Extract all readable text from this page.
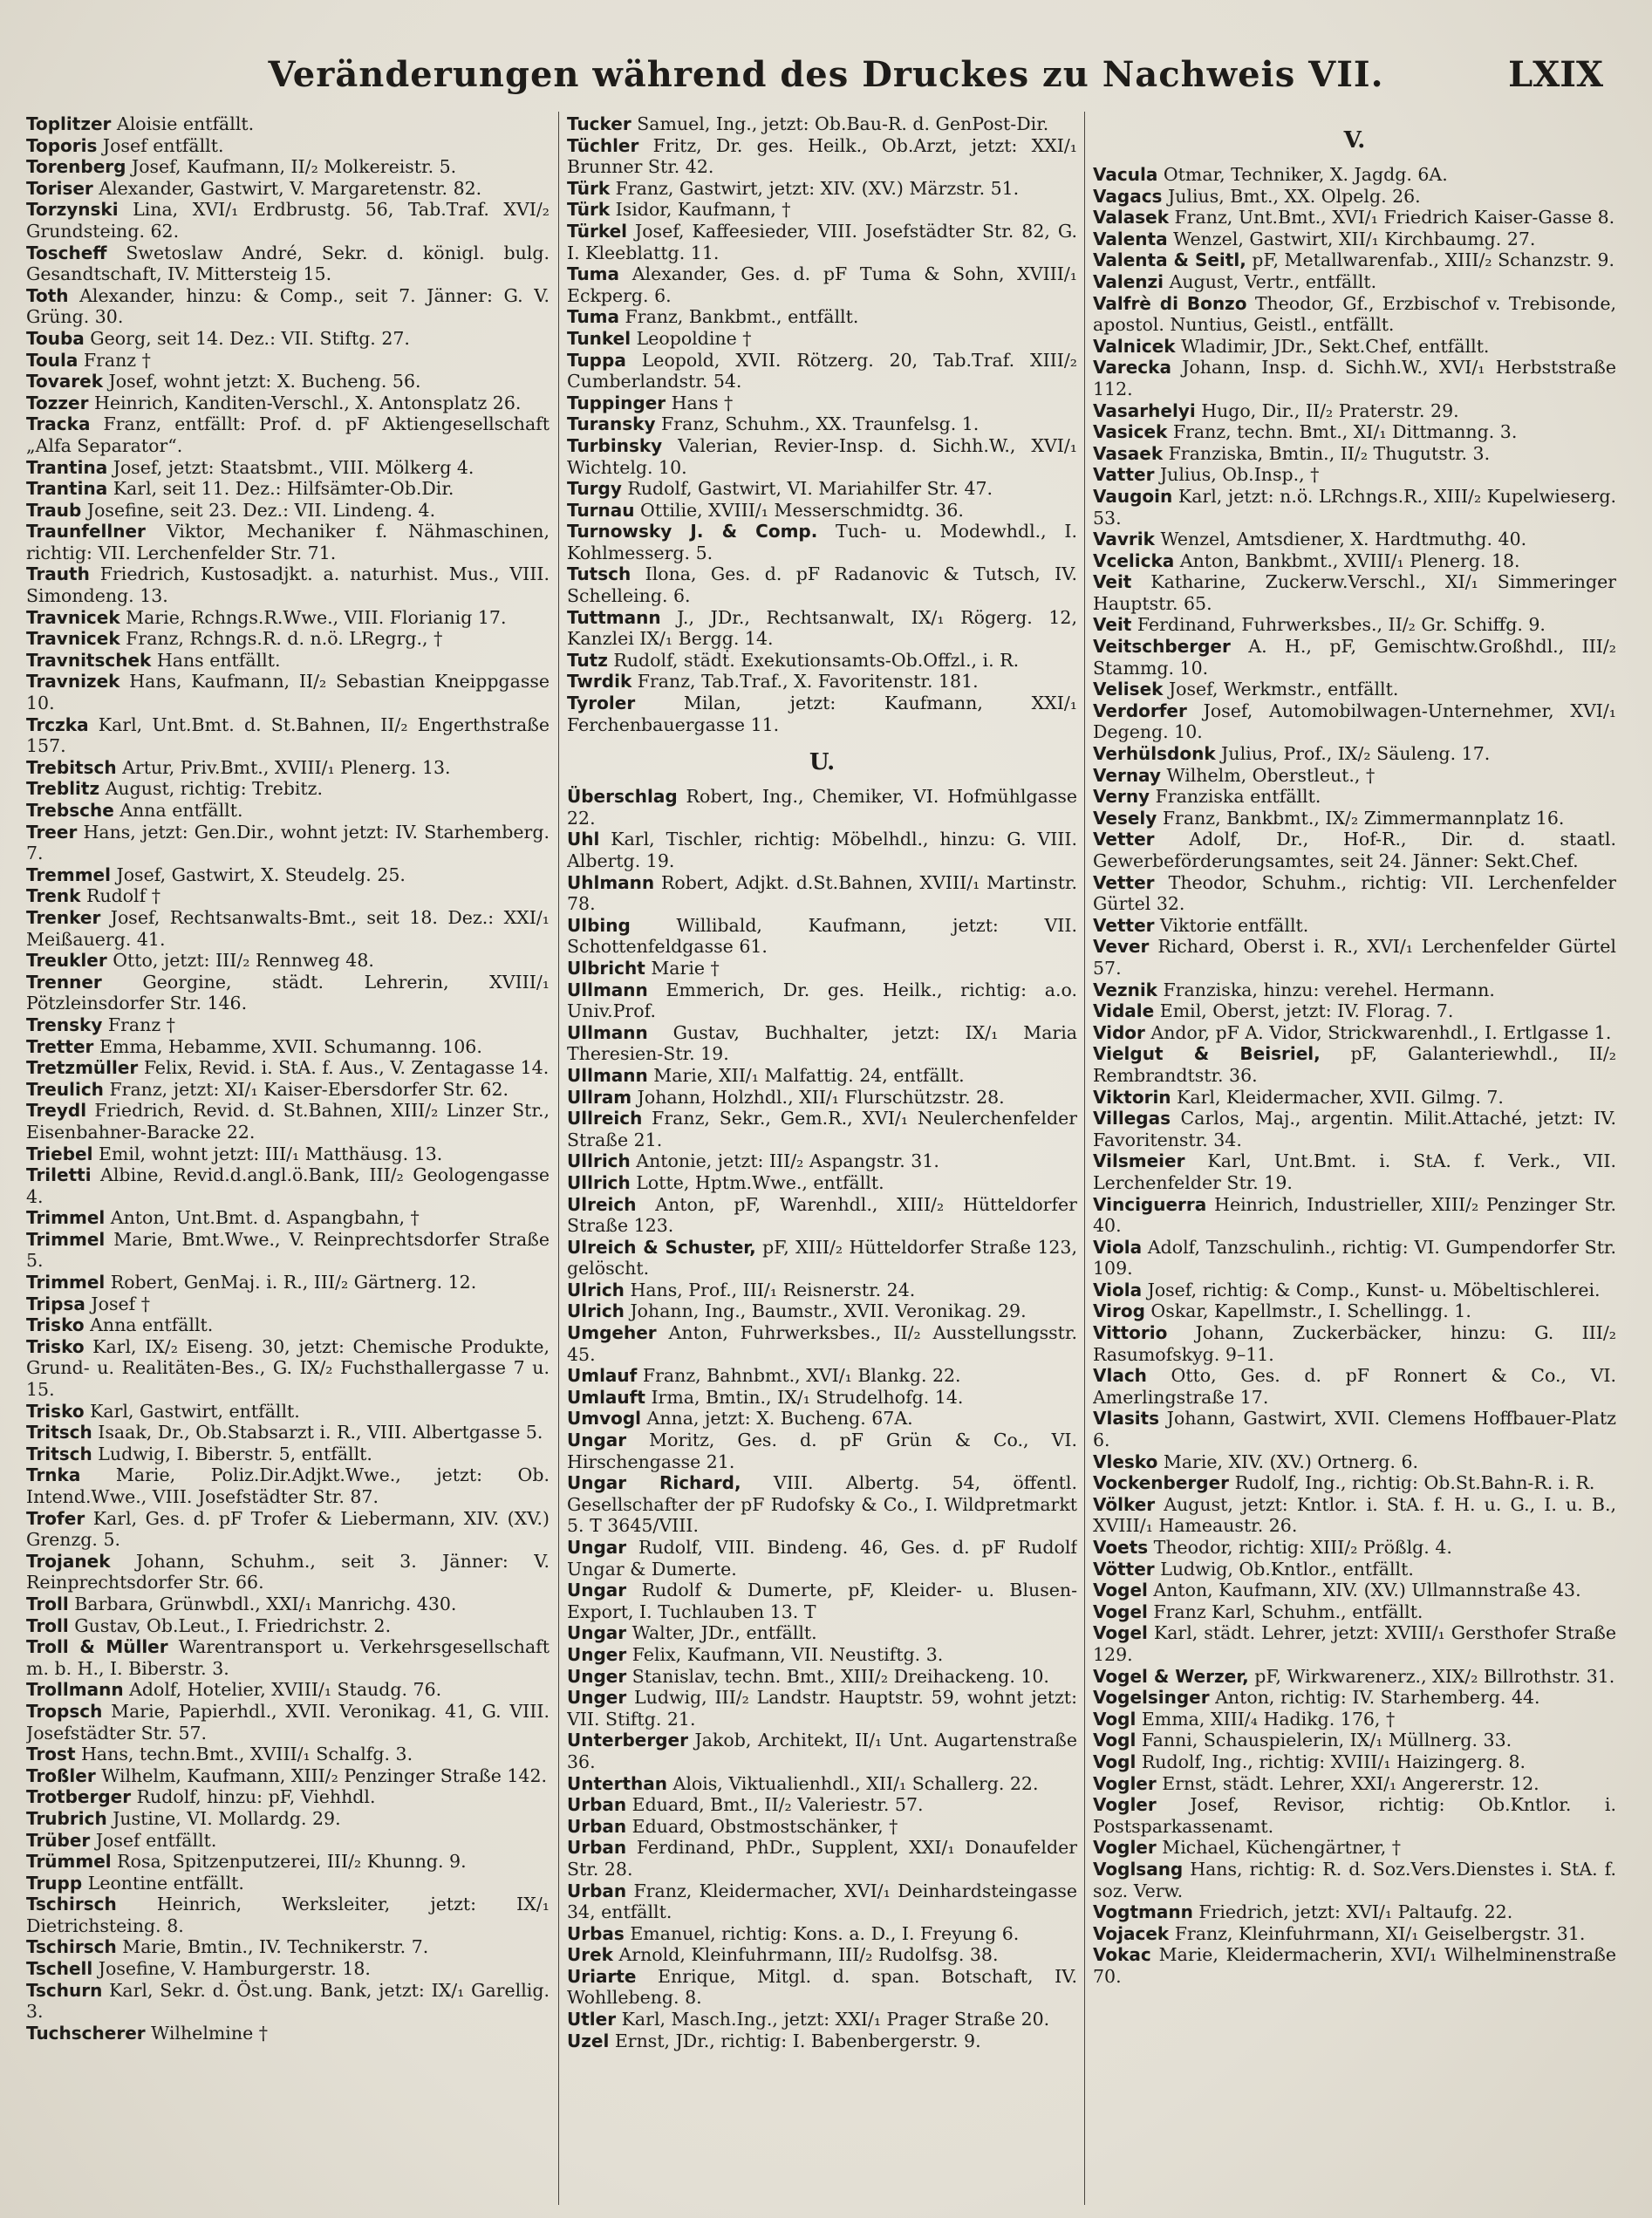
Veränderungen während des Druckes zu Nachweis VII.	LXIX

Toplitzer Aloisie entfällt.

Toporis Josef entfällt.

Torenberg Josef, Kaufmann, II/₂ Molkereistr. 5.

Toriser Alexander, Gastwirt, V. Margaretenstr. 82.

Torzynski Lina, XVI/₁ Erdbrustg. 56, Tab.Traf. XVI/₂ Grundsteing. 62.

Toscheff Swetoslaw André, Sekr. d. königl. bulg. Gesandtschaft, IV. Mittersteig 15.

Toth Alexander, hinzu: & Comp., seit 7. Jänner: G. V. Grüng. 30.

Touba Georg, seit 14. Dez.: VII. Stiftg. 27.

Toula Franz †

Tovarek Josef, wohnt jetzt: X. Bucheng. 56.

Tozzer Heinrich, Kanditen-Verschl., X. Antonsplatz 26.

Tracka Franz, entfällt: Prof. d. pF Aktiengesellschaft „Alfa Separator“.

Trantina Josef, jetzt: Staatsbmt., VIII. Mölkerg 4.

Trantina Karl, seit 11. Dez.: Hilfsämter-Ob.Dir.

Traub Josefine, seit 23. Dez.: VII. Lindeng. 4.

Traunfellner Viktor, Mechaniker f. Nähmaschinen, richtig: VII. Lerchenfelder Str. 71.

Trauth Friedrich, Kustosadjkt. a. naturhist. Mus., VIII. Simondeng. 13.

Travnicek Marie, Rchngs.R.Wwe., VIII. Florianig 17.

Travnicek Franz, Rchngs.R. d. n.ö. LRegrg., †

Travnitschek Hans entfällt.

Travnizek Hans, Kaufmann, II/₂ Sebastian Kneippgasse 10.

Trczka Karl, Unt.Bmt. d. St.Bahnen, II/₂ Engerthstraße 157.

Trebitsch Artur, Priv.Bmt., XVIII/₁ Plenerg. 13.

Treblitz August, richtig: Trebitz.

Trebsche Anna entfällt.

Treer Hans, jetzt: Gen.Dir., wohnt jetzt: IV. Starhemberg. 7.

Tremmel Josef, Gastwirt, X. Steudelg. 25.

Trenk Rudolf †

Trenker Josef, Rechtsanwalts-Bmt., seit 18. Dez.: XXI/₁ Meißauerg. 41.

Treukler Otto, jetzt: III/₂ Rennweg 48.

Trenner Georgine, städt. Lehrerin, XVIII/₁ Pötzleinsdorfer Str. 146.

Trensky Franz †

Tretter Emma, Hebamme, XVII. Schumanng. 106.

Tretzmüller Felix, Revid. i. StA. f. Aus., V. Zentagasse 14.

Treulich Franz, jetzt: XI/₁ Kaiser-Ebersdorfer Str. 62.

Treydl Friedrich, Revid. d. St.Bahnen, XIII/₂ Linzer Str., Eisenbahner-Baracke 22.

Triebel Emil, wohnt jetzt: III/₁ Matthäusg. 13.

Triletti Albine, Revid.d.angl.ö.Bank, III/₂ Geologengasse 4.

Trimmel Anton, Unt.Bmt. d. Aspangbahn, †

Trimmel Marie, Bmt.Wwe., V. Reinprechtsdorfer Straße 5.

Trimmel Robert, GenMaj. i. R., III/₂ Gärtnerg. 12.

Tripsa Josef †

Trisko Anna entfällt.

Trisko Karl, IX/₂ Eiseng. 30, jetzt: Chemische Produkte, Grund- u. Realitäten-Bes., G. IX/₂ Fuchsthallergasse 7 u. 15.

Trisko Karl, Gastwirt, entfällt.

Tritsch Isaak, Dr., Ob.Stabsarzt i. R., VIII. Albertgasse 5.

Tritsch Ludwig, I. Biberstr. 5, entfällt.

Trnka Marie, Poliz.Dir.Adjkt.Wwe., jetzt: Ob. Intend.Wwe., VIII. Josefstädter Str. 87.

Trofer Karl, Ges. d. pF Trofer & Liebermann, XIV. (XV.) Grenzg. 5.

Trojanek Johann, Schuhm., seit 3. Jänner: V. Reinprechtsdorfer Str. 66.

Troll Barbara, Grünwbdl., XXI/₁ Manrichg. 430.

Troll Gustav, Ob.Leut., I. Friedrichstr. 2.

Troll & Müller Warentransport u. Verkehrsgesellschaft m. b. H., I. Biberstr. 3.

Trollmann Adolf, Hotelier, XVIII/₁ Staudg. 76.

Tropsch Marie, Papierhdl., XVII. Veronikag. 41, G. VIII. Josefstädter Str. 57.

Trost Hans, techn.Bmt., XVIII/₁ Schalfg. 3.

Troßler Wilhelm, Kaufmann, XIII/₂ Penzinger Straße 142.

Trotberger Rudolf, hinzu: pF, Viehhdl.

Trubrich Justine, VI. Mollardg. 29.

Trüber Josef entfällt.

Trümmel Rosa, Spitzenputzerei, III/₂ Khunng. 9.

Trupp Leontine entfällt.

Tschirsch Heinrich, Werksleiter, jetzt: IX/₁ Dietrichsteing. 8.

Tschirsch Marie, Bmtin., IV. Technikerstr. 7.

Tschell Josefine, V. Hamburgerstr. 18.

Tschurn Karl, Sekr. d. Öst.ung. Bank, jetzt: IX/₁ Garellig. 3.

Tuchscherer Wilhelmine †

Tucker Samuel, Ing., jetzt: Ob.Bau-R. d. GenPost-Dir.

Tüchler Fritz, Dr. ges. Heilk., Ob.Arzt, jetzt: XXI/₁ Brunner Str. 42.

Türk Franz, Gastwirt, jetzt: XIV. (XV.) Märzstr. 51.

Türk Isidor, Kaufmann, †

Türkel Josef, Kaffeesieder, VIII. Josefstädter Str. 82, G. I. Kleeblattg. 11.

Tuma Alexander, Ges. d. pF Tuma & Sohn, XVIII/₁ Eckperg. 6.

Tuma Franz, Bankbmt., entfällt.

Tunkel Leopoldine †

Tuppa Leopold, XVII. Rötzerg. 20, Tab.Traf. XIII/₂ Cumberlandstr. 54.

Tuppinger Hans †

Turansky Franz, Schuhm., XX. Traunfelsg. 1.

Turbinsky Valerian, Revier-Insp. d. Sichh.W., XVI/₁ Wichtelg. 10.

Turgy Rudolf, Gastwirt, VI. Mariahilfer Str. 47.

Turnau Ottilie, XVIII/₁ Messerschmidtg. 36.

Turnowsky J. & Comp. Tuch- u. Modewhdl., I. Kohlmesserg. 5.

Tutsch Ilona, Ges. d. pF Radanovic & Tutsch, IV. Schelleing. 6.

Tuttmann J., JDr., Rechtsanwalt, IX/₁ Rögerg. 12, Kanzlei IX/₁ Bergg̣. 14.

Tutz Rudolf, städt. Exekutionsamts-Ob.Offzl., i. R.

Twrdik Franz, Tab.Traf., X. Favoritenstr. 181.

Tyroler Milan, jetzt: Kaufmann, XXI/₁ Ferchenbauergasse 11.

U.

Überschlag Robert, Ing., Chemiker, VI. Hofmühlgasse 22.

Uhl Karl, Tischler, richtig: Möbelhdl., hinzu: G. VIII. Albertg. 19.

Uhlmann Robert, Adjkt. d.St.Bahnen, XVIII/₁ Martinstr. 78.

Ulbing Willibald, Kaufmann, jetzt: VII. Schottenfeldgasse 61.

Ulbricht Marie †

Ullmann Emmerich, Dr. ges. Heilk., richtig: a.o. Univ.Prof.

Ullmann Gustav, Buchhalter, jetzt: IX/₁ Maria Theresien-Str. 19.

Ullmann Marie, XII/₁ Malfattig. 24, entfällt.

Ullram Johann, Holzhdl., XII/₁ Flurschützstr. 28.

Ullreich Franz, Sekr., Gem.R., XVI/₁ Neulerchenfelder Straße 21.

Ullrich Antonie, jetzt: III/₂ Aspangstr. 31.

Ullrich Lotte, Hptm.Wwe., entfällt.

Ulreich Anton, pF, Warenhdl., XIII/₂ Hütteldorfer Straße 123.

Ulreich & Schuster, pF, XIII/₂ Hütteldorfer Straße 123, gelöscht.

Ulrich Hans, Prof., III/₁ Reisnerstr. 24.

Ulrich Johann, Ing., Baumstr., XVII. Veronikag. 29.

Umgeher Anton, Fuhrwerksbes., II/₂ Ausstellungsstr. 45.

Umlauf Franz, Bahnbmt., XVI/₁ Blankg. 22.

Umlauft Irma, Bmtin., IX/₁ Strudelhofg. 14.

Umvogl Anna, jetzt: X. Bucheng. 67A.

Ungar Moritz, Ges. d. pF Grün & Co., VI. Hirschengasse 21.

Ungar Richard, VIII. Albertg. 54, öffentl. Gesellschafter der pF Rudofsky & Co., I. Wildpretmarkt 5. T 3645/VIII.

Ungar Rudolf, VIII. Bindeng. 46, Ges. d. pF Rudolf Ungar & Dumerte.

Ungar Rudolf & Dumerte, pF, Kleider- u. Blusen-Export, I. Tuchlauben 13. T

Ungar Walter, JDr., entfällt.

Unger Felix, Kaufmann, VII. Neustiftg. 3.

Unger Stanislav, techn. Bmt., XIII/₂ Dreihackeng. 10.

Unger Ludwig, III/₂ Landstr. Hauptstr. 59, wohnt jetzt: VII. Stiftg. 21.

Unterberger Jakob, Architekt, II/₁ Unt. Augartenstraße 36.

Unterthan Alois, Viktualienhdl., XII/₁ Schallerg. 22.

Urban Eduard, Bmt., II/₂ Valeriestr. 57.

Urban Eduard, Obstmostschänker, †

Urban Ferdinand, PhDr., Supplent, XXI/₁ Donaufelder Str. 28.

Urban Franz, Kleidermacher, XVI/₁ Deinhardsteingasse 34, entfällt.

Urbas Emanuel, richtig: Kons. a. D., I. Freyung 6.

Urek Arnold, Kleinfuhrmann, III/₂ Rudolfsg. 38.

Uriarte Enrique, Mitgl. d. span. Botschaft, IV. Wohllebeng. 8.

Utler Karl, Masch.Ing., jetzt: XXI/₁ Prager Straße 20.

Uzel Ernst, JDr., richtig: I. Babenbergerstr. 9.

V.

Vacula Otmar, Techniker, X. Jagdg. 6A.

Vagacs Julius, Bmt., XX. Olpelg. 26.

Valasek Franz, Unt.Bmt., XVI/₁ Friedrich Kaiser-Gasse 8.

Valenta Wenzel, Gastwirt, XII/₁ Kirchbaumg. 27.

Valenta & Seitl, pF, Metallwarenfab., XIII/₂ Schanzstr. 9.

Valenzi August, Vertr., entfällt.

Valfrè di Bonzo Theodor, Gf., Erzbischof v. Trebisonde, apostol. Nuntius, Geistl., entfällt.

Valnicek Wladimir, JDr., Sekt.Chef, entfällt.

Varecka Johann, Insp. d. Sichh.W., XVI/₁ Herbststraße 112.

Vasarhelyi Hugo, Dir., II/₂ Praterstr. 29.

Vasicek Franz, techn. Bmt., XI/₁ Dittmanng. 3.

Vasaek Franziska, Bmtin., II/₂ Thugutstr. 3.

Vatter Julius, Ob.Insp., †

Vaugoin Karl, jetzt: n.ö. LRchngs.R., XIII/₂ Kupelwieserg. 53.

Vavrik Wenzel, Amtsdiener, X. Hardtmuthg. 40.

Vcelicka Anton, Bankbmt., XVIII/₁ Plenerg. 18.

Veit Katharine, Zuckerw.Verschl., XI/₁ Simmeringer Hauptstr. 65.

Veit Ferdinand, Fuhrwerksbes., II/₂ Gr. Schiffg. 9.

Veitschberger A. H., pF, Gemischtw.Großhdl., III/₂ Stammg. 10.

Velisek Josef, Werkmstr., entfällt.

Verdorfer Josef, Automobilwagen-Unternehmer, XVI/₁ Degeng. 10.

Verhülsdonk Julius, Prof., IX/₂ Säuleng. 17.

Vernay Wilhelm, Oberstleut., †

Verny Franziska entfällt.

Vesely Franz, Bankbmt., IX/₂ Zimmermannplatz 16.

Vetter Adolf, Dr., Hof-R., Dir. d. staatl. Gewerbeförderungsamtes, seit 24. Jänner: Sekt.Chef.

Vetter Theodor, Schuhm., richtig: VII. Lerchenfelder Gürtel 32.

Vetter Viktorie entfällt.

Vever Richard, Oberst i. R., XVI/₁ Lerchenfelder Gürtel 57.

Veznik Franziska, hinzu: verehel. Hermann.

Vidale Emil, Oberst, jetzt: IV. Florag. 7.

Vidor Andor, pF A. Vidor, Strickwarenhdl., I. Ertlgasse 1.

Vielgut & Beisriel, pF, Galanteriewhdl., II/₂ Rembrandtstr. 36.

Viktorin Karl, Kleidermacher, XVII. Gilmg. 7.

Villegas Carlos, Maj., argentin. Milit.Attaché, jetzt: IV. Favoritenstr. 34.

Vilsmeier Karl, Unt.Bmt. i. StA. f. Verk., VII. Lerchenfelder Str. 19.

Vinciguerra Heinrich, Industrieller, XIII/₂ Penzinger Str. 40.

Viola Adolf, Tanzschulinh., richtig: VI. Gumpendorfer Str. 109.

Viola Josef, richtig: & Comp., Kunst- u. Möbeltischlerei.

Virog Oskar, Kapellmstr., I. Schellingg. 1.

Vittorio Johann, Zuckerbäcker, hinzu: G. III/₂ Rasumofskyg. 9–11.

Vlach Otto, Ges. d. pF Ronnert & Co., VI. Amerlingstraße 17.

Vlasits Johann, Gastwirt, XVII. Clemens Hoffbauer-Platz 6.

Vlesko Marie, XIV. (XV.) Ortnerg. 6.

Vockenberger Rudolf, Ing., richtig: Ob.St.Bahn-R. i. R.

Völker August, jetzt: Kntlor. i. StA. f. H. u. G., I. u. B., XVIII/₁ Hameaustr. 26.

Voets Theodor, richtig: XIII/₂ Prößlg. 4.

Vötter Ludwig, Ob.Kntlor., entfällt.

Vogel Anton, Kaufmann, XIV. (XV.) Ullmannstraße 43.

Vogel Franz Karl, Schuhm., entfällt.

Vogel Karl, städt. Lehrer, jetzt: XVIII/₁ Gersthofer Straße 129.

Vogel & Werzer, pF, Wirkwarenerz., XIX/₂ Billrothstr. 31.

Vogelsinger Anton, richtig: IV. Starhemberg. 44.

Vogl Emma, XIII/₄ Hadikg. 176, †

Vogl Fanni, Schauspielerin, IX/₁ Müllnerg. 33.

Vogl Rudolf, Ing., richtig: XVIII/₁ Haizingerg. 8.

Vogler Ernst, städt. Lehrer, XXI/₁ Angererstr. 12.

Vogler Josef, Revisor, richtig: Ob.Kntlor. i. Postsparkassenamt.

Vogler Michael, Küchengärtner, †

Voglsang Hans, richtig: R. d. Soz.Vers.Dienstes i. StA. f. soz. Verw.

Vogtmann Friedrich, jetzt: XVI/₁ Paltaufg. 22.

Vojacek Franz, Kleinfuhrmann, XI/₁ Geiselbergstr. 31.

Vokac Marie, Kleidermacherin, XVI/₁ Wilhelminenstraße 70.
